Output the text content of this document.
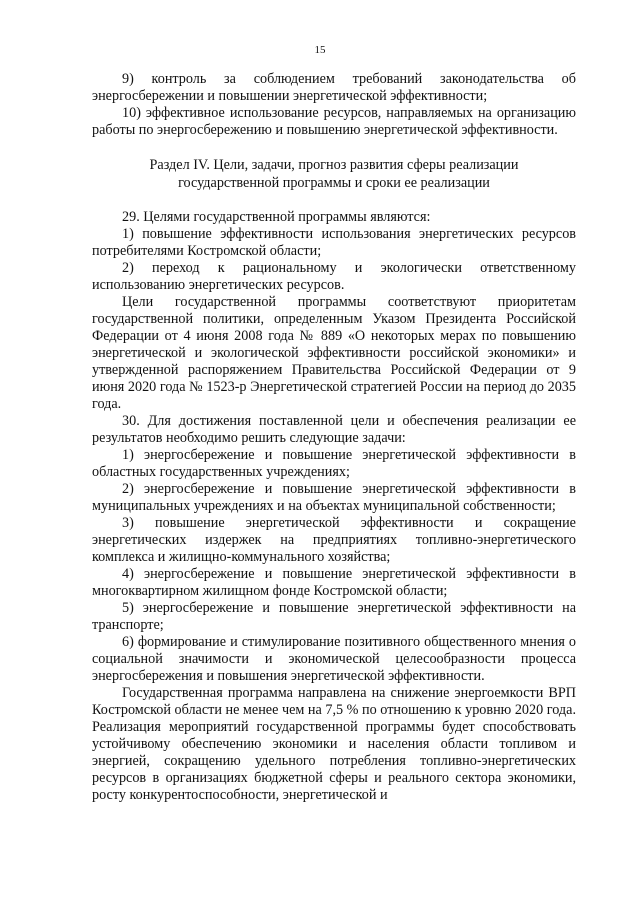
15

9) контроль за соблюдением требований законодательства об энергосбережении и повышении энергетической эффективности;

10) эффективное использование ресурсов, направляемых на организацию работы по энергосбережению и повышению энергетической эффективности.

Раздел IV. Цели, задачи, прогноз развития сферы реализации
государственной программы и сроки ее реализации

29. Целями государственной программы являются:

1) повышение эффективности использования энергетических ресурсов потребителями Костромской области;

2) переход к рациональному и экологически ответственному использованию энергетических ресурсов.

Цели государственной программы соответствуют приоритетам государственной политики, определенным Указом Президента Российской Федерации от 4 июня 2008 года № 889 «О некоторых мерах по повышению энергетической и экологической эффективности российской экономики» и утвержденной распоряжением Правительства Российской Федерации от 9 июня 2020 года № 1523-р Энергетической стратегией России на период до 2035 года.

30. Для достижения поставленной цели и обеспечения реализации ее результатов необходимо решить следующие задачи:

1) энергосбережение и повышение энергетической эффективности в областных государственных учреждениях;

2) энергосбережение и повышение энергетической эффективности в муниципальных учреждениях и на объектах муниципальной собственности;

3) повышение энергетической эффективности и сокращение энергетических издержек на предприятиях топливно-энергетического комплекса и жилищно-коммунального хозяйства;

4) энергосбережение и повышение энергетической эффективности в многоквартирном жилищном фонде Костромской области;

5) энергосбережение и повышение энергетической эффективности на транспорте;

6) формирование и стимулирование позитивного общественного мнения о социальной значимости и экономической целесообразности процесса энергосбережения и повышения энергетической эффективности.

Государственная программа направлена на снижение энергоемкости ВРП Костромской области не менее чем на 7,5 % по отношению к уровню 2020 года. Реализация мероприятий государственной программы будет способствовать устойчивому обеспечению экономики и населения области топливом и энергией, сокращению удельного потребления топливно-энергетических ресурсов в организациях бюджетной сферы и реального сектора экономики, росту конкурентоспособности, энергетической и
